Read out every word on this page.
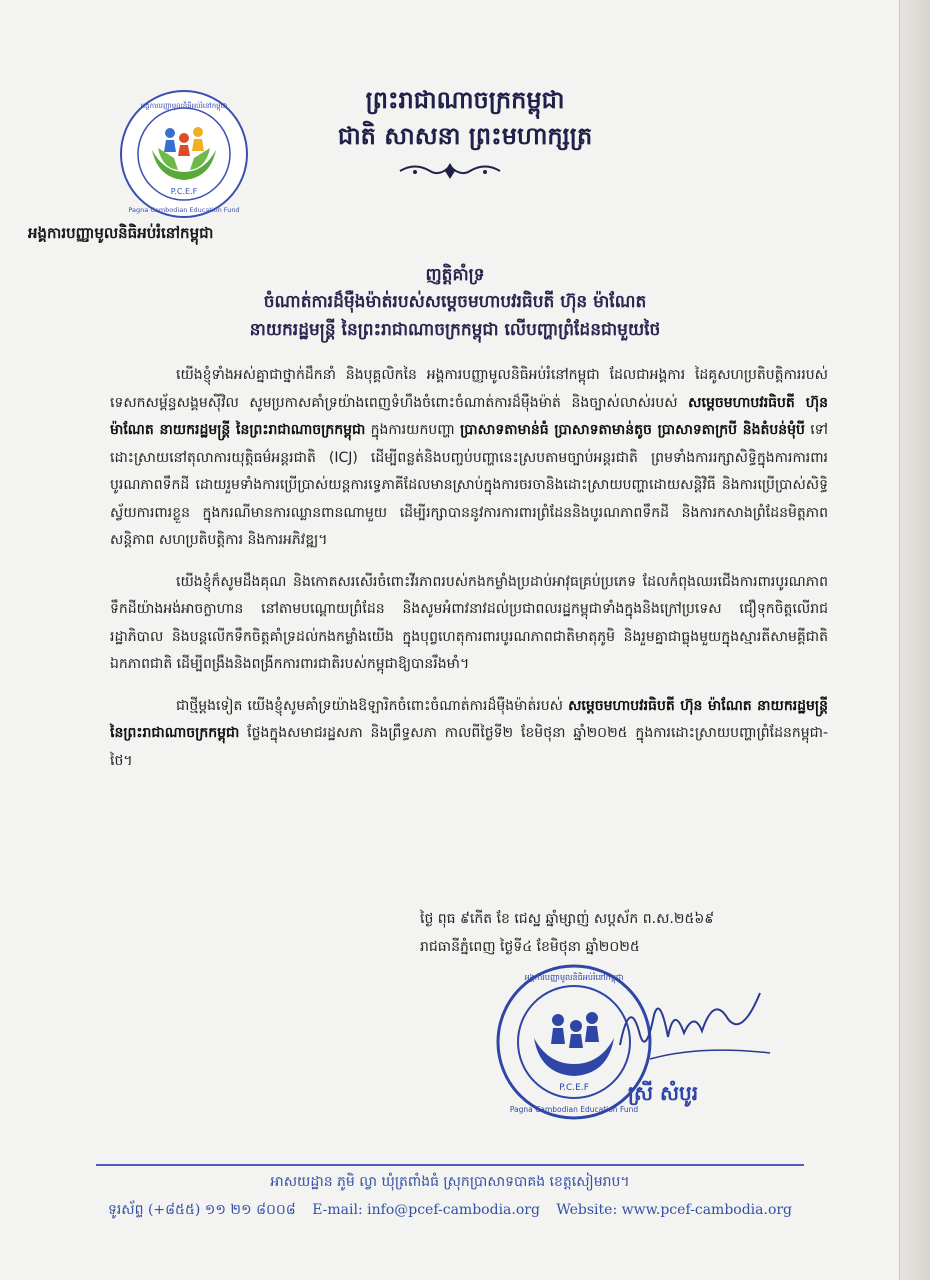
P.C.E.F
អង្គការបញ្ញាមូលនិធិអប់រំនៅកម្ពុជា
Pagna Cambodian Education Fund
អង្គការបញ្ញាមូលនិធិអប់រំនៅកម្ពុជា
ព្រះរាជាណាចក្រកម្ពុជា
ជាតិ សាសនា ព្រះមហាក្សត្រ
ញត្តិគាំទ្រ
ចំណាត់ការដ៏ម៉ឺងម៉ាត់របស់សម្តេចមហាបវរធិបតី ហ៊ុន ម៉ាណែត
នាយករដ្ឋមន្ត្រី នៃព្រះរាជាណាចក្រកម្ពុជា លើបញ្ហាព្រំដែនជាមួយថៃ

យើងខ្ញុំទាំងអស់គ្នាជាថ្នាក់ដឹកនាំ និងបុគ្គលិកនៃ អង្គការបញ្ញាមូលនិធិអប់រំនៅកម្ពុជា ដែលជាអង្គការ ដៃគូសហប្រតិបត្តិការរបស់ទេសកសម្ព័ន្ធសង្គមស៊ីវិល សូមប្រកាសគាំទ្រយ៉ាងពេញទំហឹងចំពោះចំណាត់ការដ៏ម៉ឺងម៉ាត់ និងច្បាស់លាស់របស់ សម្តេចមហាបវរធិបតី ហ៊ុន ម៉ាណែត នាយករដ្ឋមន្ត្រី នៃព្រះរាជាណាចក្រកម្ពុជា ក្នុងការយកបញ្ហា ប្រាសាទតាមាន់ធំ ប្រាសាទតាមាន់តូច ប្រាសាទតាក្របី និងតំបន់មុំបី ទៅដោះស្រាយនៅតុលាការយុត្តិធម៌អន្តរជាតិ (ICJ) ដើម្បីពន្លត់និងបញ្ចប់បញ្ហានេះស្របតាមច្បាប់អន្តរជាតិ ព្រមទាំងការរក្សាសិទ្ធិក្នុងការការពារបូរណភាពទឹកដី ដោយរួមទាំងការប្រើប្រាស់យន្តការទេ្វភាគីដែលមានស្រាប់ក្នុងការចរចានិងដោះស្រាយបញ្ហាដោយសន្តិវិធី និងការប្រើប្រាស់សិទ្ធិស្វ័យការពារខ្លួន ក្នុងករណីមានការឈ្លានពានណាមួយ ដើម្បីរក្សាបាននូវការការពារព្រំដែននិងបូរណភាពទឹកដី និងការកសាងព្រំដែនមិត្តភាព សន្តិភាព សហប្រតិបត្តិការ និងការអភិវឌ្ឍ។

យើងខ្ញុំក៏សូមដឹងគុណ និងកោតសរសើរចំពោះវីរភាពរបស់កងកម្លាំងប្រដាប់អាវុធគ្រប់ប្រភេទ ដែលកំពុងឈរជើងការពារបូរណភាពទឹកដីយ៉ាងអង់អាចក្លាហាន នៅតាមបណ្តោយព្រំដែន និងសូមអំពាវនាវដល់ប្រជាពលរដ្ឋកម្ពុជាទាំងក្នុងនិងក្រៅប្រទេស ជឿទុកចិត្តលើរាជរដ្ឋាភិបាល និងបន្តលើកទឹកចិត្តគាំទ្រដល់កងកម្លាំងយើង ក្នុងបុព្វហេតុការពារបូរណភាពជាតិមាតុភូមិ និងរួមគ្នាជាធ្លុងមួយក្នុងស្មារតីសាមគ្គីជាតិ ឯកភាពជាតិ ដើម្បីពង្រឹងនិងពង្រីកការពារជាតិរបស់កម្ពុជាឱ្យបានរឹងមាំ។

ជាថ្មីម្តងទៀត យើងខ្ញុំសូមគាំទ្រយ៉ាងឱឡារិកចំពោះចំណាត់ការដ៏ម៉ឺងម៉ាត់របស់ សម្តេចមហាបវរធិបតី ហ៊ុន ម៉ាណែត នាយករដ្ឋមន្ត្រីនៃព្រះរាជាណាចក្រកម្ពុជា ថ្លែងក្នុងសមាជរដ្ឋសភា និងព្រឹទ្ធសភា កាលពីថ្ងៃទី២ ខែមិថុនា ឆ្នាំ២០២៥ ក្នុងការដោះស្រាយបញ្ហាព្រំដែនកម្ពុជា-ថៃ។

ថ្ងៃ ពុធ ៩កើត ខែ ជេស្ឋ ឆ្នាំម្សាញ់ សប្តស័ក ព.ស.២៥៦៩
រាជធានីភ្នំពេញ ថ្ងៃទី៤ ខែមិថុនា ឆ្នាំ២០២៥
P.C.E.F
អង្គការបញ្ញាមូលនិធិអប់រំនៅកម្ពុជា
Pagna Cambodian Education Fund
ស្រី សំបូរ
អាសយដ្ឋាន ភូមិ ល្វា ឃុំត្រពាំងធំ ស្រុកប្រាសាទបាគង ខេត្តសៀមរាប។
ទូរស័ព្ទ (+៨៥៥) ១១ ២១ ៨០០៨ E-mail: info@pcef-cambodia.org Website: www.pcef-cambodia.org
